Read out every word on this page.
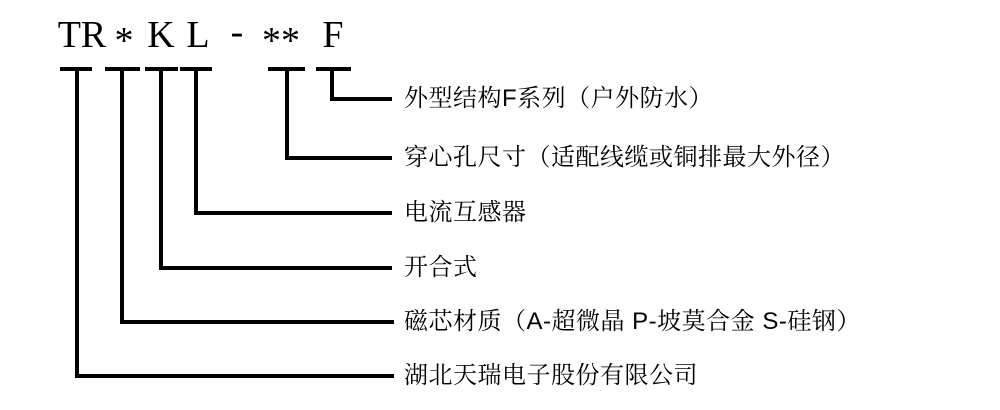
TR * K L - ** F
外型结构F系列（户外防水）
穿心孔尺寸（适配线缆或铜排最大外径）
电流互感器
开合式
磁芯材质（A-超微晶 P-坡莫合金 S-硅钢）
湖北天瑞电子股份有限公司
